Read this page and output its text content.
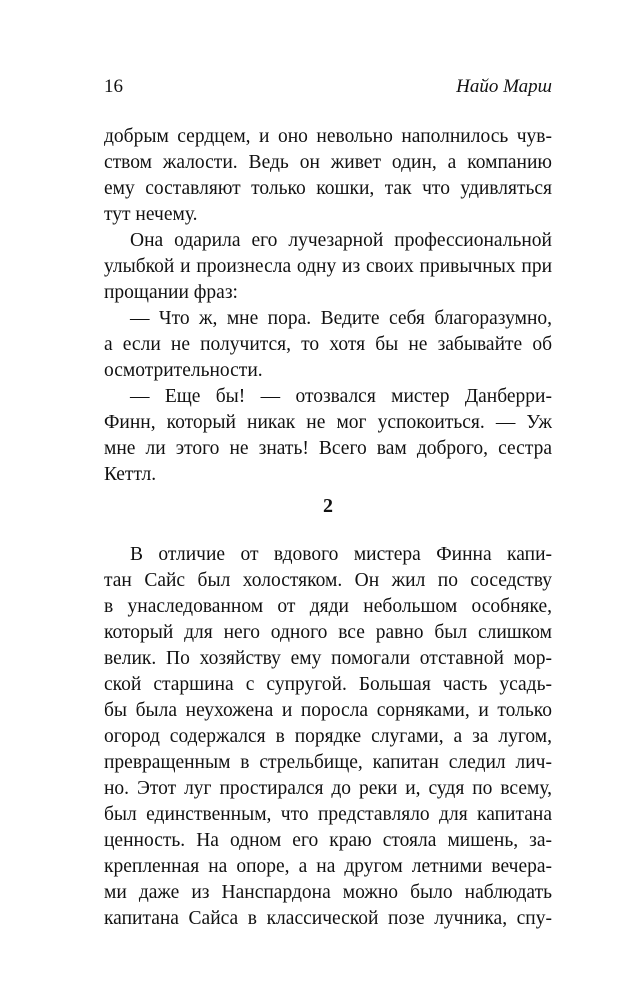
16	Найо Марш
добрым сердцем, и оно невольно наполнилось чув-
ством жалости. Ведь он живет один, а компанию
ему составляют только кошки, так что удивляться
тут нечему.
Она одарила его лучезарной профессиональной
улыбкой и произнесла одну из своих привычных при
прощании фраз:
— Что ж, мне пора. Ведите себя благоразумно,
а если не получится, то хотя бы не забывайте об
осмотрительности.
— Еще бы! — отозвался мистер Данберри-
Финн, который никак не мог успокоиться. — Уж
мне ли этого не знать! Всего вам доброго, сестра
Кеттл.
2
В отличие от вдового мистера Финна капи-
тан Сайс был холостяком. Он жил по соседству
в унаследованном от дяди небольшом особняке,
который для него одного все равно был слишком
велик. По хозяйству ему помогали отставной мор-
ской старшина с супругой. Большая часть усадь-
бы была неухожена и поросла сорняками, и только
огород содержался в порядке слугами, а за лугом,
превращенным в стрельбище, капитан следил лич-
но. Этот луг простирался до реки и, судя по всему,
был единственным, что представляло для капитана
ценность. На одном его краю стояла мишень, за-
крепленная на опоре, а на другом летними вечера-
ми даже из Нанспардона можно было наблюдать
капитана Сайса в классической позе лучника, спу-
